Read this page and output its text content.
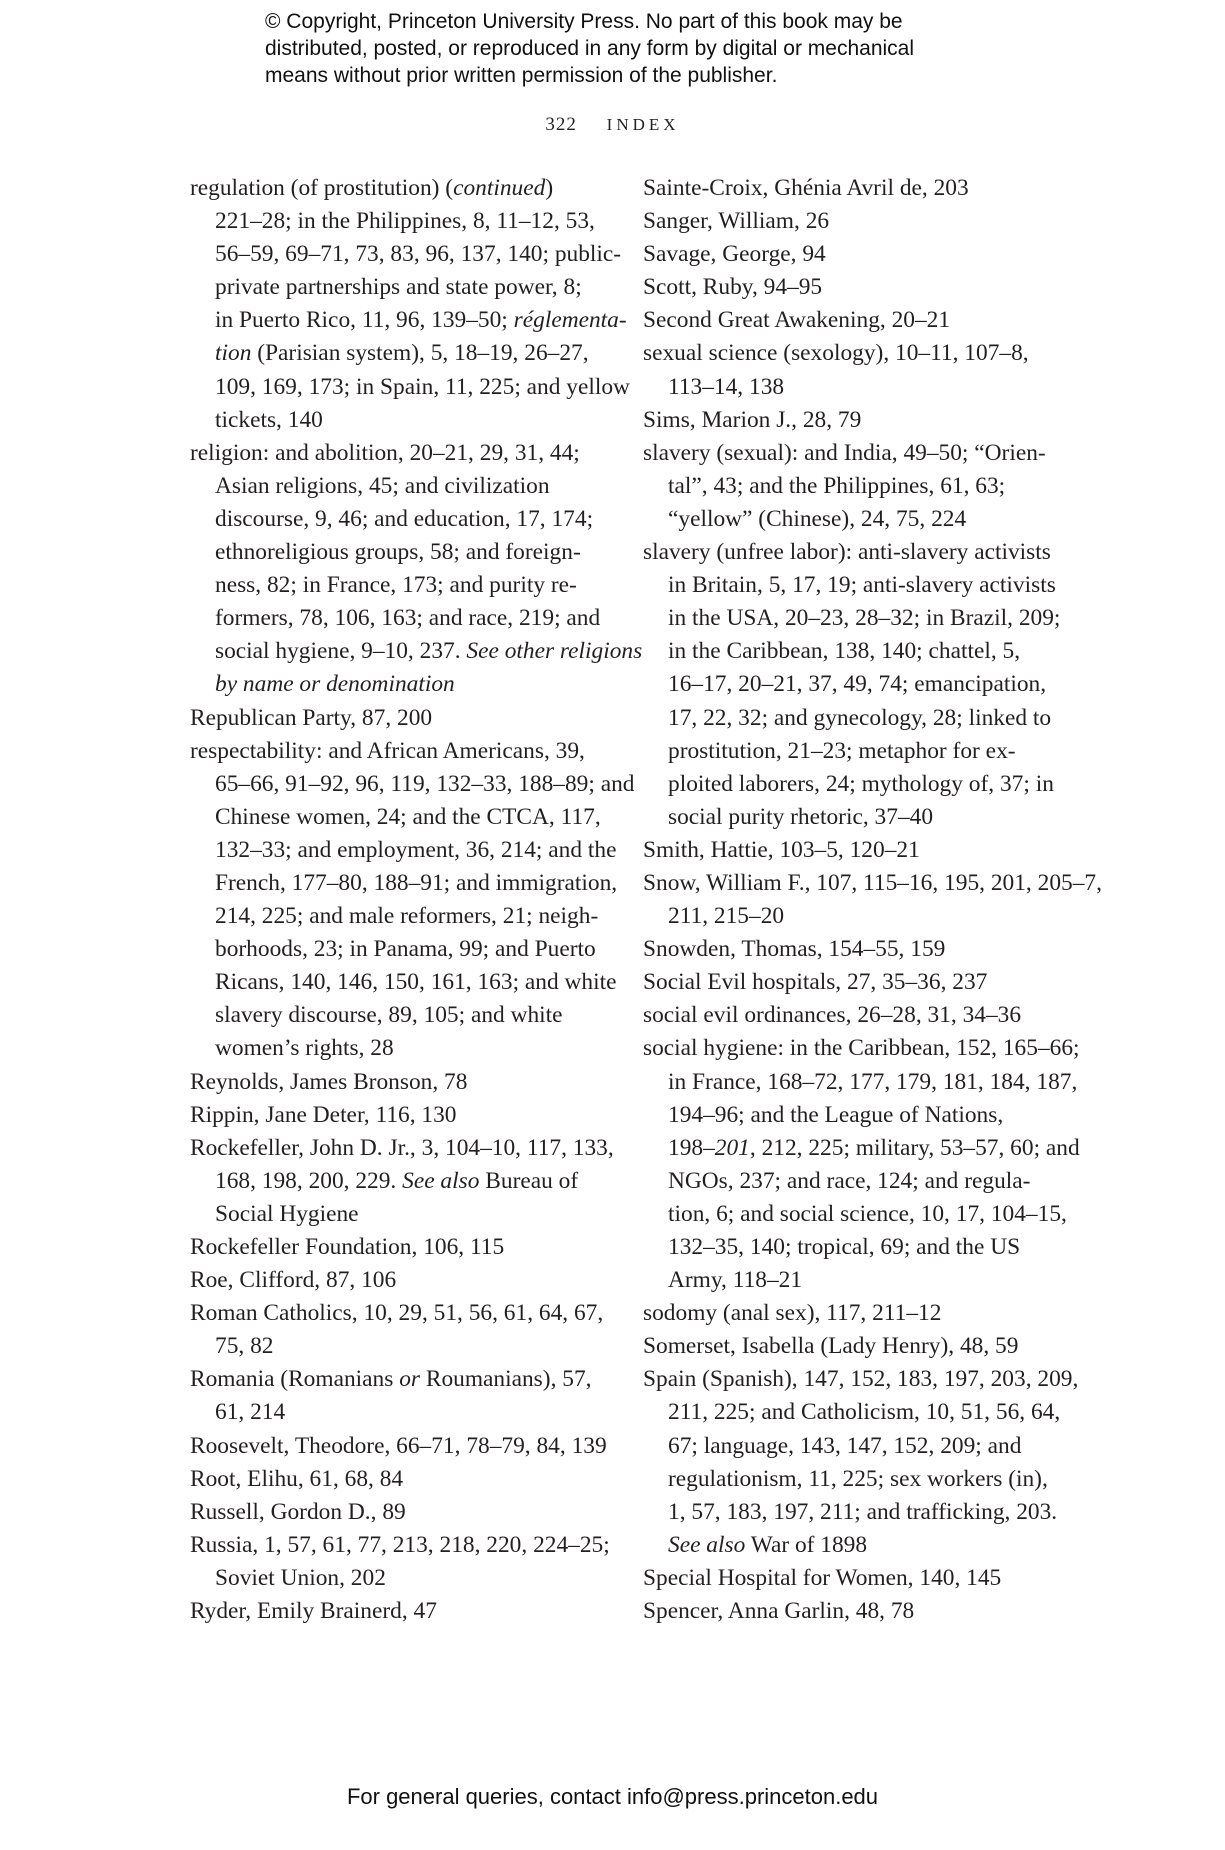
© Copyright, Princeton University Press. No part of this book may be
distributed, posted, or reproduced in any form by digital or mechanical
means without prior written permission of the publisher.
322 INDEX
regulation (of prostitution) (continued)
221–28; in the Philippines, 8, 11–12, 53,
56–59, 69–71, 73, 83, 96, 137, 140; public-
private partnerships and state power, 8;
in Puerto Rico, 11, 96, 139–50; réglementa-
tion (Parisian system), 5, 18–19, 26–27,
109, 169, 173; in Spain, 11, 225; and yellow
tickets, 140
religion: and abolition, 20–21, 29, 31, 44;
Asian religions, 45; and civilization
discourse, 9, 46; and education, 17, 174;
ethnoreligious groups, 58; and foreign-
ness, 82; in France, 173; and purity re-
formers, 78, 106, 163; and race, 219; and
social hygiene, 9–10, 237. See other religions
by name or denomination
Republican Party, 87, 200
respectability: and African Americans, 39,
65–66, 91–92, 96, 119, 132–33, 188–89; and
Chinese women, 24; and the CTCA, 117,
132–33; and employment, 36, 214; and the
French, 177–80, 188–91; and immigration,
214, 225; and male reformers, 21; neigh-
borhoods, 23; in Panama, 99; and Puerto
Ricans, 140, 146, 150, 161, 163; and white
slavery discourse, 89, 105; and white
women’s rights, 28
Reynolds, James Bronson, 78
Rippin, Jane Deter, 116, 130
Rockefeller, John D. Jr., 3, 104–10, 117, 133,
168, 198, 200, 229. See also Bureau of
Social Hygiene
Rockefeller Foundation, 106, 115
Roe, Clifford, 87, 106
Roman Catholics, 10, 29, 51, 56, 61, 64, 67,
75, 82
Romania (Romanians or Roumanians), 57,
61, 214
Roosevelt, Theodore, 66–71, 78–79, 84, 139
Root, Elihu, 61, 68, 84
Russell, Gordon D., 89
Russia, 1, 57, 61, 77, 213, 218, 220, 224–25;
Soviet Union, 202
Ryder, Emily Brainerd, 47
Sainte-Croix, Ghénia Avril de, 203
Sanger, William, 26
Savage, George, 94
Scott, Ruby, 94–95
Second Great Awakening, 20–21
sexual science (sexology), 10–11, 107–8,
113–14, 138
Sims, Marion J., 28, 79
slavery (sexual): and India, 49–50; “Orien-
tal”, 43; and the Philippines, 61, 63;
“yellow” (Chinese), 24, 75, 224
slavery (unfree labor): anti-slavery activists
in Britain, 5, 17, 19; anti-slavery activists
in the USA, 20–23, 28–32; in Brazil, 209;
in the Caribbean, 138, 140; chattel, 5,
16–17, 20–21, 37, 49, 74; emancipation,
17, 22, 32; and gynecology, 28; linked to
prostitution, 21–23; metaphor for ex-
ploited laborers, 24; mythology of, 37; in
social purity rhetoric, 37–40
Smith, Hattie, 103–5, 120–21
Snow, William F., 107, 115–16, 195, 201, 205–7,
211, 215–20
Snowden, Thomas, 154–55, 159
Social Evil hospitals, 27, 35–36, 237
social evil ordinances, 26–28, 31, 34–36
social hygiene: in the Caribbean, 152, 165–66;
in France, 168–72, 177, 179, 181, 184, 187,
194–96; and the League of Nations,
198–201, 212, 225; military, 53–57, 60; and
NGOs, 237; and race, 124; and regula-
tion, 6; and social science, 10, 17, 104–15,
132–35, 140; tropical, 69; and the US
Army, 118–21
sodomy (anal sex), 117, 211–12
Somerset, Isabella (Lady Henry), 48, 59
Spain (Spanish), 147, 152, 183, 197, 203, 209,
211, 225; and Catholicism, 10, 51, 56, 64,
67; language, 143, 147, 152, 209; and
regulationism, 11, 225; sex workers (in),
1, 57, 183, 197, 211; and trafficking, 203.
See also War of 1898
Special Hospital for Women, 140, 145
Spencer, Anna Garlin, 48, 78
For general queries, contact info@press.princeton.edu
